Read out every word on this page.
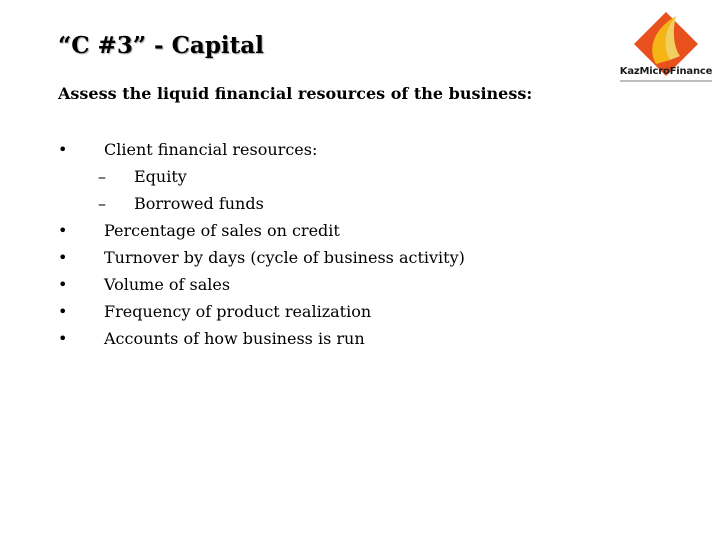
“C #3” - Capital
KazMicroFinance
Assess the liquid financial resources of the business:
• Client financial resources:
– Equity
– Borrowed funds
• Percentage of sales on credit
• Turnover by days (cycle of business activity)
• Volume of sales
• Frequency of product realization
• Accounts of how business is run
